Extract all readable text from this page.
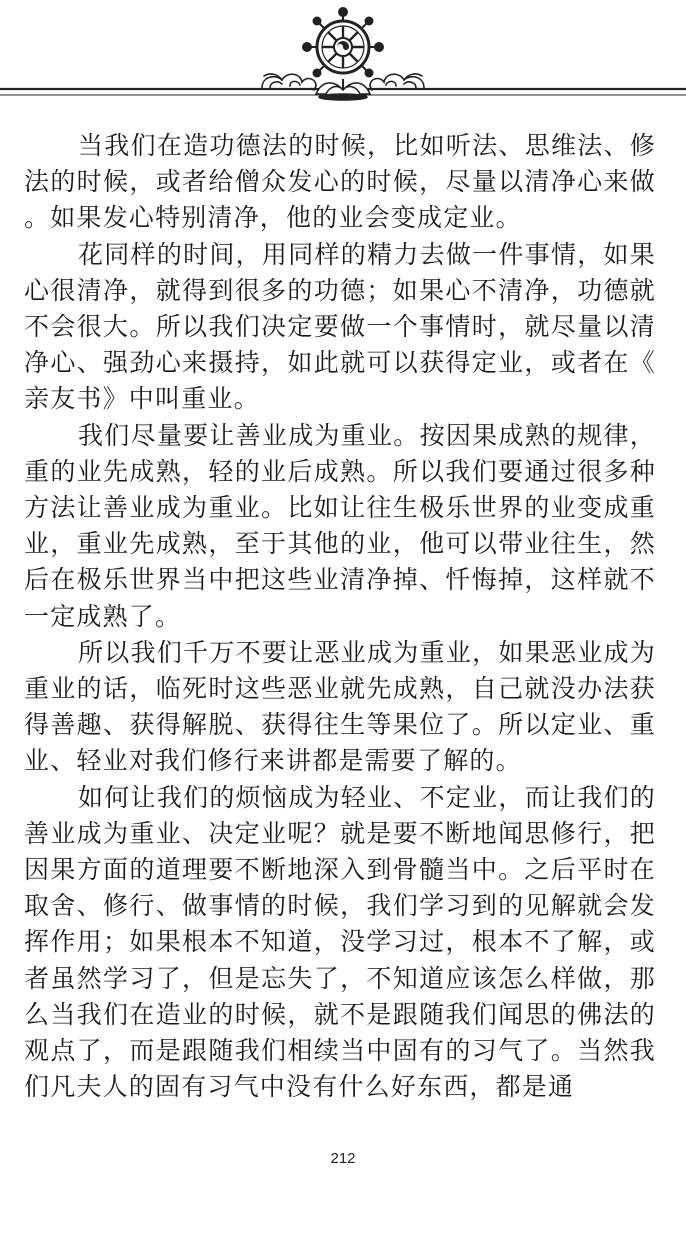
当我们在造功德法的时候，比如听法、思维法、修法的时候，或者给僧众发心的时候，尽量以清净心来做。如果发心特别清净，他的业会变成定业。

花同样的时间，用同样的精力去做一件事情，如果心很清净，就得到很多的功德；如果心不清净，功德就不会很大。所以我们决定要做一个事情时，就尽量以清净心、强劲心来摄持，如此就可以获得定业，或者在《亲友书》中叫重业。

我们尽量要让善业成为重业。按因果成熟的规律，重的业先成熟，轻的业后成熟。所以我们要通过很多种方法让善业成为重业。比如让往生极乐世界的业变成重业，重业先成熟，至于其他的业，他可以带业往生，然后在极乐世界当中把这些业清净掉、忏悔掉，这样就不一定成熟了。

所以我们千万不要让恶业成为重业，如果恶业成为重业的话，临死时这些恶业就先成熟，自己就没办法获得善趣、获得解脱、获得往生等果位了。所以定业、重业、轻业对我们修行来讲都是需要了解的。

如何让我们的烦恼成为轻业、不定业，而让我们的善业成为重业、决定业呢？就是要不断地闻思修行，把因果方面的道理要不断地深入到骨髓当中。之后平时在取舍、修行、做事情的时候，我们学习到的见解就会发挥作用；如果根本不知道，没学习过，根本不了解，或者虽然学习了，但是忘失了，不知道应该怎么样做，那么当我们在造业的时候，就不是跟随我们闻思的佛法的观点了，而是跟随我们相续当中固有的习气了。当然我们凡夫人的固有习气中没有什么好东西，都是通

212
